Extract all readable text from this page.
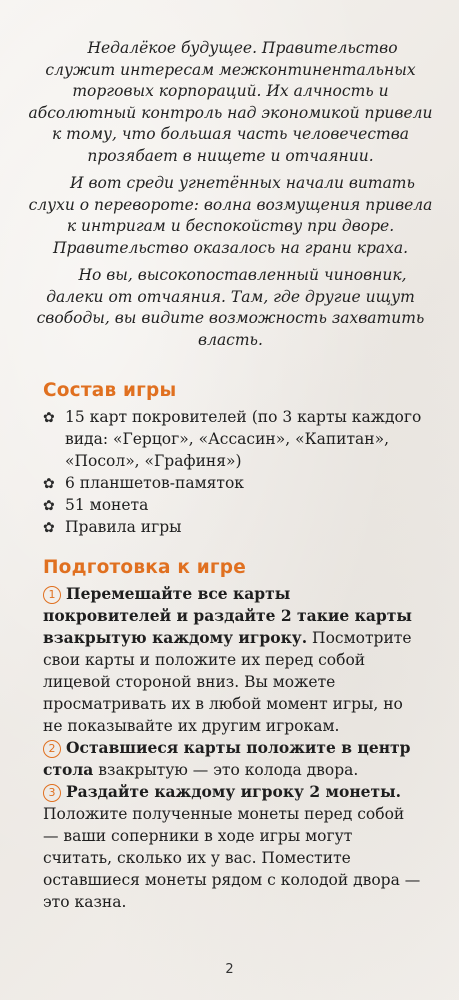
Недалёкое будущее. Правительство служит интересам межконтинентальных торговых корпораций. Их алчность и абсолютный контроль над экономикой привели к тому, что большая часть человечества прозябает в нищете и отчаянии.

И вот среди угнетённых начали витать слухи о перевороте: волна возмущения привела к интригам и беспокойству при дворе. Правительство оказалось на грани краха.

Но вы, высокопоставленный чиновник, далеки от отчаяния. Там, где другие ищут свободы, вы видите возможность захватить власть.

Состав игры
✿ 15 карт покровителей (по 3 карты каждого вида: «Герцог», «Ассасин», «Капитан», «Посол», «Графиня»)
✿ 6 планшетов-памяток
✿ 51 монета
✿ Правила игры
Подготовка к игре

1 Перемешайте все карты покровителей и раздайте 2 такие карты взакрытую каждому игроку. Посмотрите свои карты и положите их перед собой лицевой стороной вниз. Вы можете просматривать их в любой момент игры, но не показывайте их другим игрокам.

2 Оставшиеся карты положите в центр стола взакрытую — это колода двора.

3 Раздайте каждому игроку 2 монеты. Положите полученные монеты перед собой — ваши соперники в ходе игры могут считать, сколько их у вас. Поместите оставшиеся монеты рядом с колодой двора — это казна.

2
